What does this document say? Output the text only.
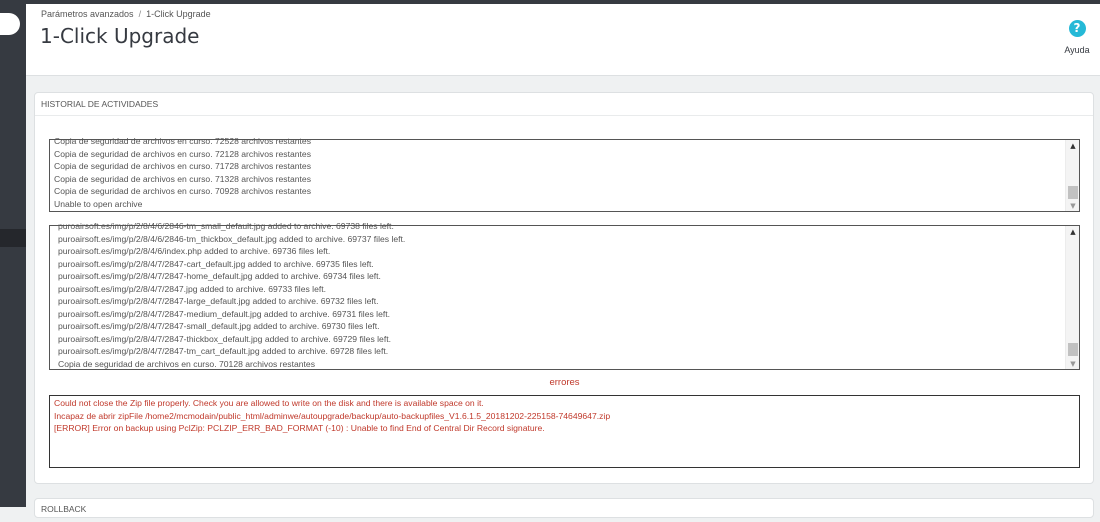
Parámetros avanzados / 1-Click Upgrade
1-Click Upgrade	?
Ayuda
HISTORIAL DE ACTIVIDADES
Copia de seguridad de archivos en curso. 72528 archivos restantes
Copia de seguridad de archivos en curso. 72128 archivos restantes
Copia de seguridad de archivos en curso. 71728 archivos restantes
Copia de seguridad de archivos en curso. 71328 archivos restantes
Copia de seguridad de archivos en curso. 70928 archivos restantes
Unable to open archive
▲
▼
puroairsoft.es/img/p/2/8/4/6/2846-tm_small_default.jpg added to archive. 69738 files left.
puroairsoft.es/img/p/2/8/4/6/2846-tm_thickbox_default.jpg added to archive. 69737 files left.
puroairsoft.es/img/p/2/8/4/6/index.php added to archive. 69736 files left.
puroairsoft.es/img/p/2/8/4/7/2847-cart_default.jpg added to archive. 69735 files left.
puroairsoft.es/img/p/2/8/4/7/2847-home_default.jpg added to archive. 69734 files left.
puroairsoft.es/img/p/2/8/4/7/2847.jpg added to archive. 69733 files left.
puroairsoft.es/img/p/2/8/4/7/2847-large_default.jpg added to archive. 69732 files left.
puroairsoft.es/img/p/2/8/4/7/2847-medium_default.jpg added to archive. 69731 files left.
puroairsoft.es/img/p/2/8/4/7/2847-small_default.jpg added to archive. 69730 files left.
puroairsoft.es/img/p/2/8/4/7/2847-thickbox_default.jpg added to archive. 69729 files left.
puroairsoft.es/img/p/2/8/4/7/2847-tm_cart_default.jpg added to archive. 69728 files left.
Copia de seguridad de archivos en curso. 70128 archivos restantes
▲
▼
errores
Could not close the Zip file properly. Check you are allowed to write on the disk and there is available space on it.
Incapaz de abrir zipFile /home2/mcmodain/public_html/adminwe/autoupgrade/backup/auto-backupfiles_V1.6.1.5_20181202-225158-74649647.zip
[ERROR] Error on backup using PclZip: PCLZIP_ERR_BAD_FORMAT (-10) : Unable to find End of Central Dir Record signature.
ROLLBACK
